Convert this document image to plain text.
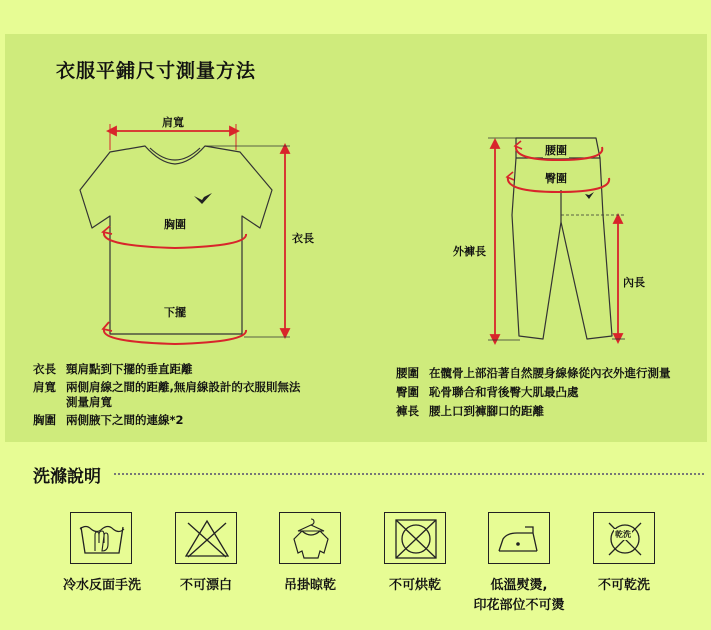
衣服平鋪尺寸測量方法
肩寬
胸圍
下擺
衣長
腰圍
臀圍
外褲長
內長
衣長 頸肩點到下擺的垂直距離
肩寬 兩側肩線之間的距離,無肩線設計的衣服則無法
測量肩寬
胸圍 兩側腋下之間的連線*2
腰圍 在髖骨上部沿著自然腰身線條從內衣外進行測量
臀圍 恥骨聯合和背後臀大肌最凸處
褲長 腰上口到褲腳口的距離
洗滌說明
乾洗
冷水反面手洗	不可漂白	吊掛晾乾	不可烘乾	低溫熨燙,
印花部位不可燙
不可乾洗
